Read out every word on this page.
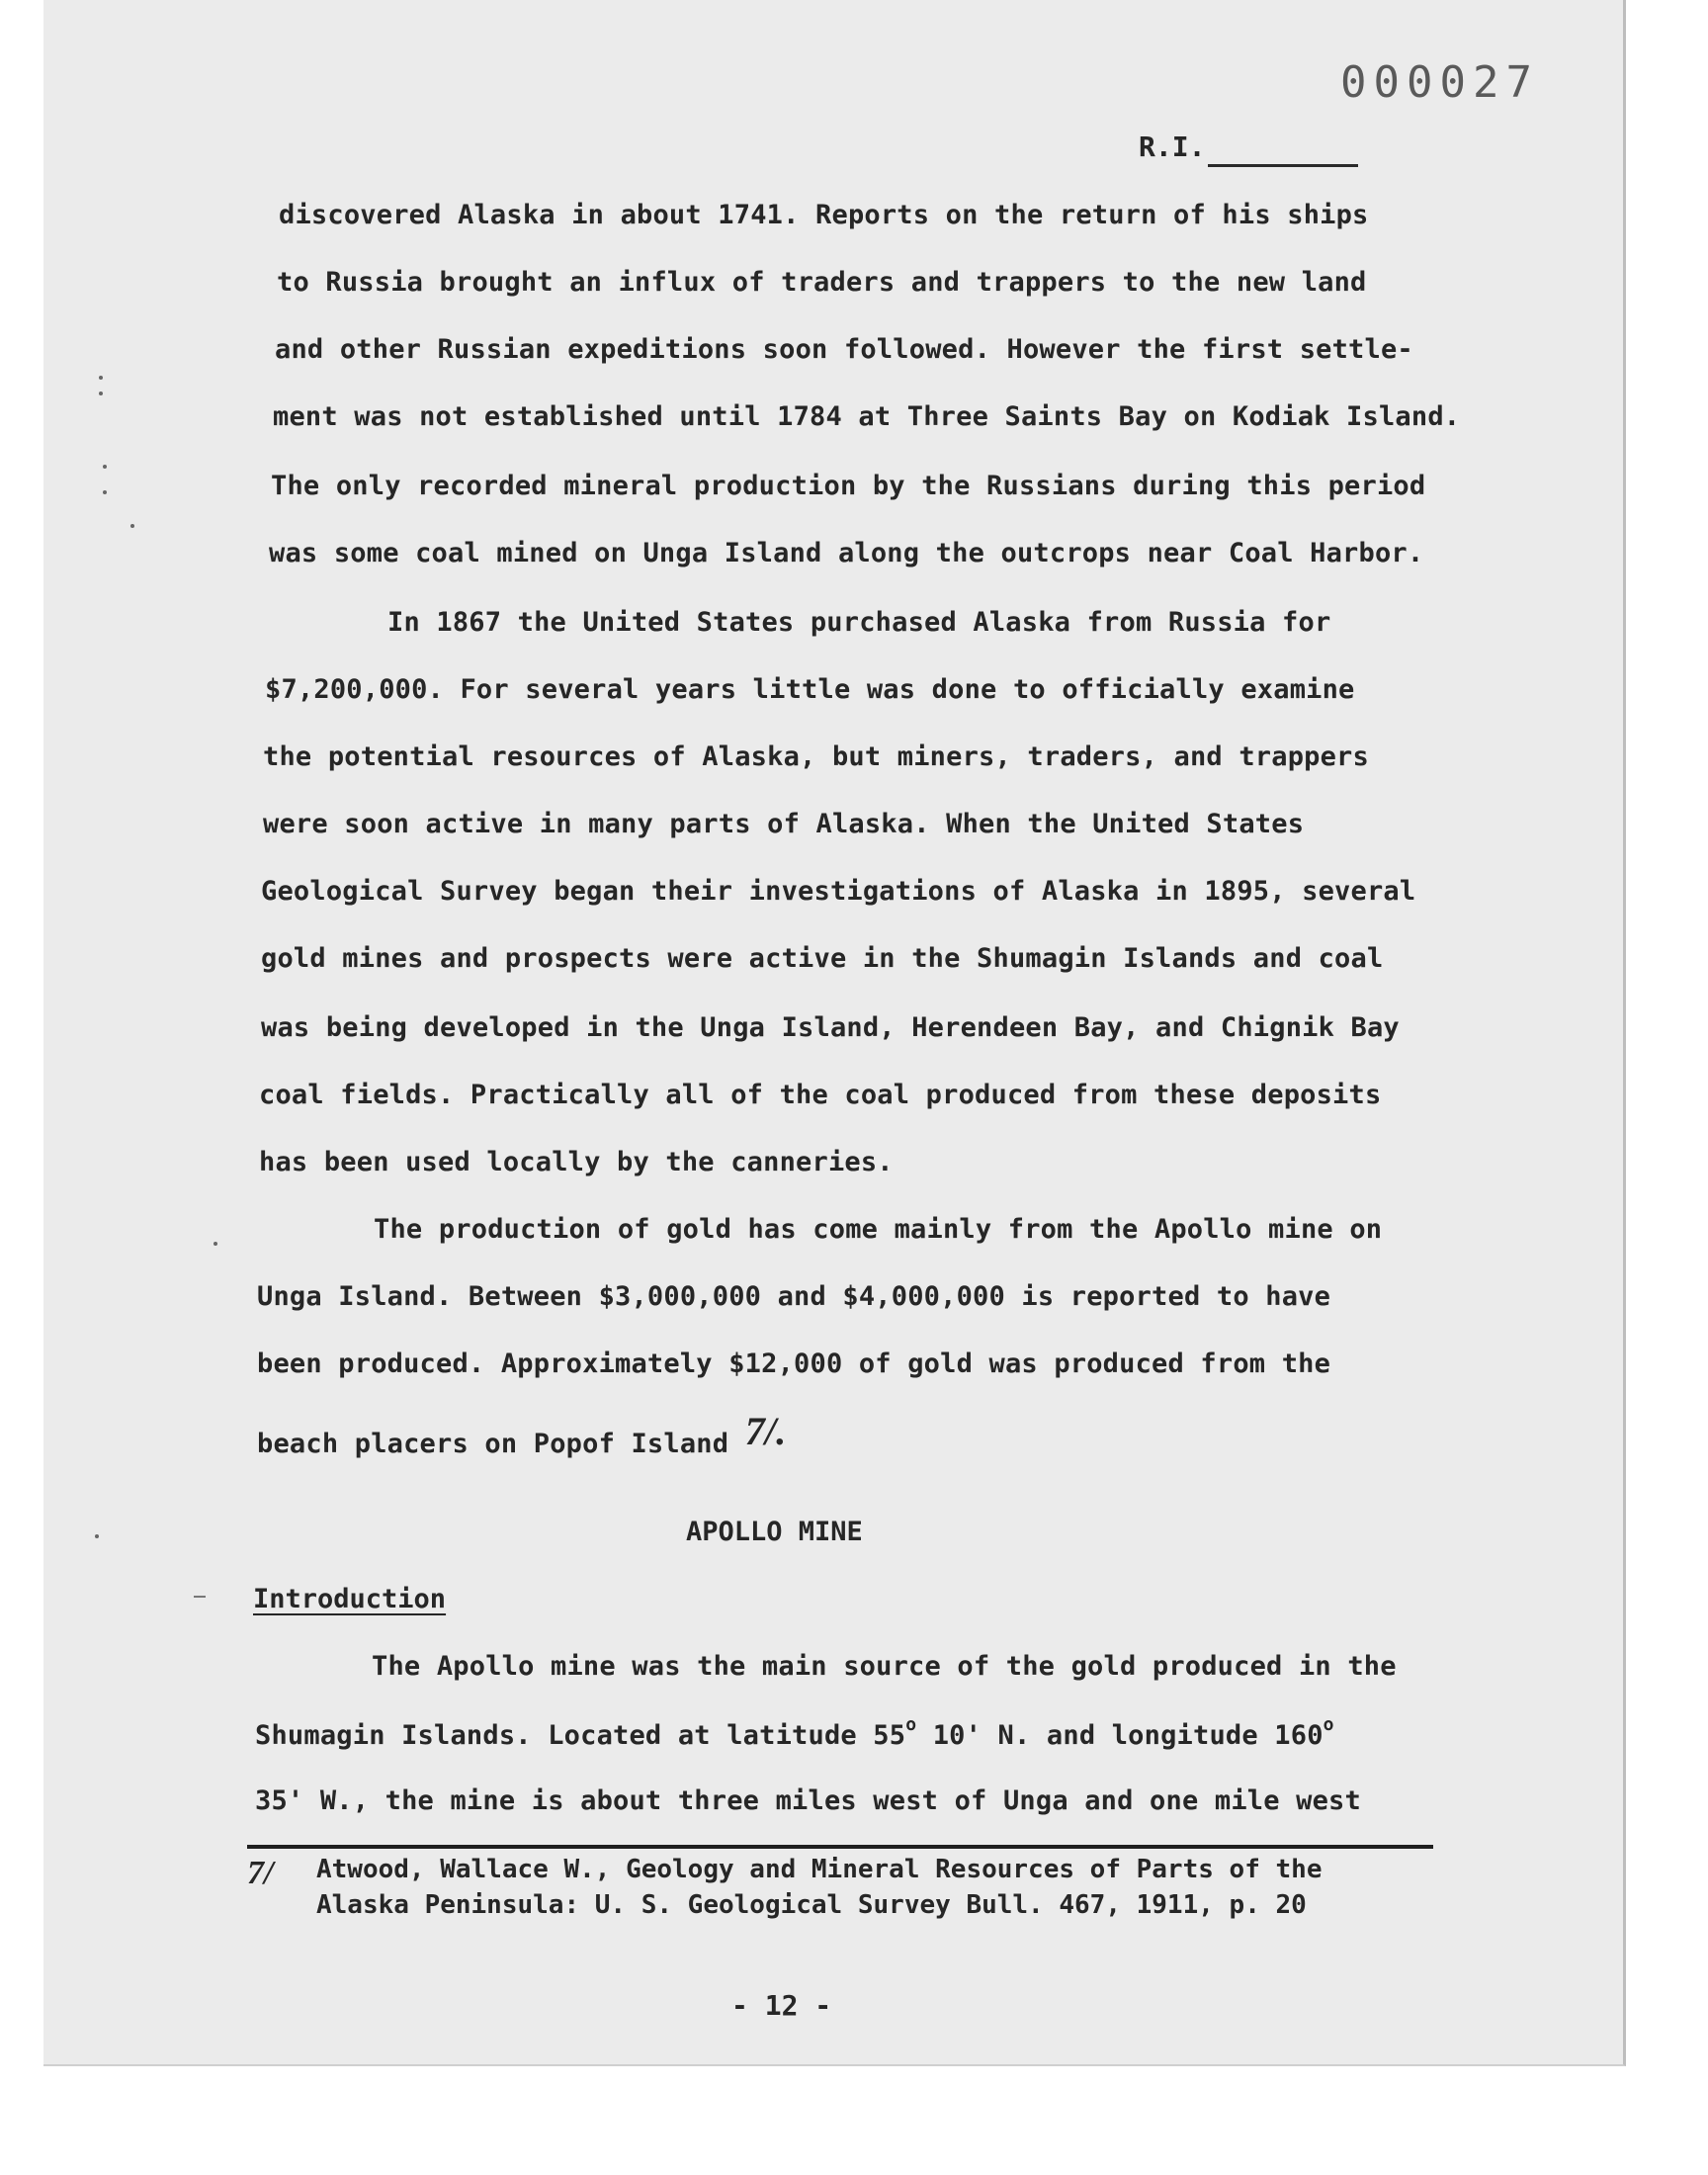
000027
R.I.
discovered Alaska in about 1741. Reports on the return of his ships
to Russia brought an influx of traders and trappers to the new land
and other Russian expeditions soon followed. However the first settle-
ment was not established until 1784 at Three Saints Bay on Kodiak Island.
The only recorded mineral production by the Russians during this period
was some coal mined on Unga Island along the outcrops near Coal Harbor.
In 1867 the United States purchased Alaska from Russia for
$7,200,000. For several years little was done to officially examine
the potential resources of Alaska, but miners, traders, and trappers
were soon active in many parts of Alaska. When the United States
Geological Survey began their investigations of Alaska in 1895, several
gold mines and prospects were active in the Shumagin Islands and coal
was being developed in the Unga Island, Herendeen Bay, and Chignik Bay
coal fields. Practically all of the coal produced from these deposits
has been used locally by the canneries.
The production of gold has come mainly from the Apollo mine on
Unga Island. Between $3,000,000 and $4,000,000 is reported to have
been produced. Approximately $12,000 of gold was produced from the
beach placers on Popof Island 7/.
APOLLO MINE
Introduction
The Apollo mine was the main source of the gold produced in the
Shumagin Islands. Located at latitude 55$^o$ 10' N. and longitude 160$^o$
35' W., the mine is about three miles west of Unga and one mile west
7/ Atwood, Wallace W., Geology and Mineral Resources of Parts of the
Alaska Peninsula: U. S. Geological Survey Bull. 467, 1911, p. 20
- 12 -
